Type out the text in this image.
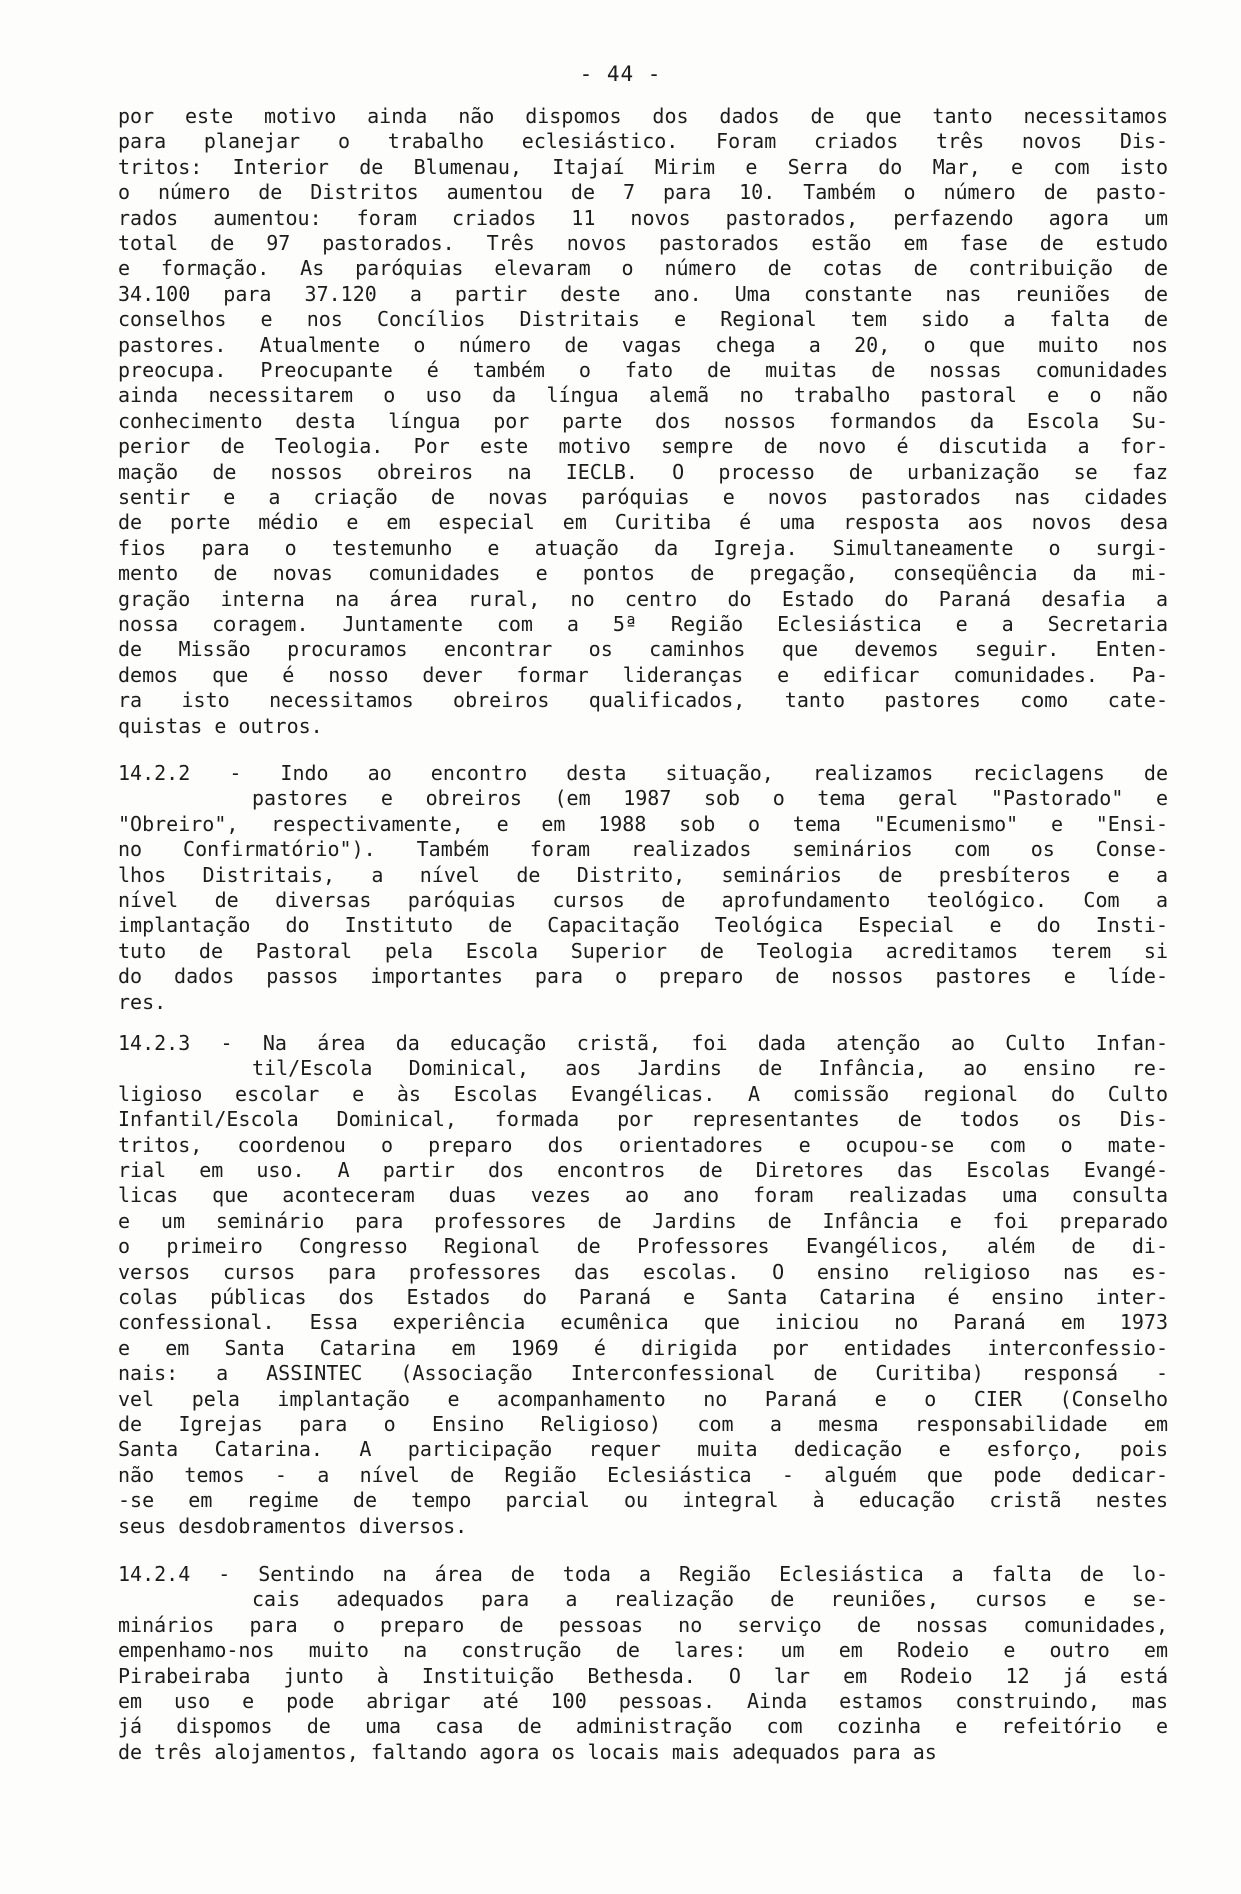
- 44 -
por este motivo ainda não dispomos dos dados de que tanto necessitamos
para planejar o trabalho eclesiástico. Foram criados três novos Dis-
tritos: Interior de Blumenau, Itajaí Mirim e Serra do Mar, e com isto
o número de Distritos aumentou de 7 para 10. Também o número de pasto-
rados aumentou: foram criados 11 novos pastorados, perfazendo agora um
total de 97 pastorados. Três novos pastorados estão em fase de estudo
e formação. As paróquias elevaram o número de cotas de contribuição de
34.100 para 37.120 a partir deste ano. Uma constante nas reuniões de
conselhos e nos Concílios Distritais e Regional tem sido a falta de
pastores. Atualmente o número de vagas chega a 20, o que muito nos
preocupa. Preocupante é também o fato de muitas de nossas comunidades
ainda necessitarem o uso da língua alemã no trabalho pastoral e o não
conhecimento desta língua por parte dos nossos formandos da Escola Su-
perior de Teologia. Por este motivo sempre de novo é discutida a for-
mação de nossos obreiros na IECLB. O processo de urbanização se faz
sentir e a criação de novas paróquias e novos pastorados nas cidades
de porte médio e em especial em Curitiba é uma resposta aos novos desa
fios para o testemunho e atuação da Igreja. Simultaneamente o surgi-
mento de novas comunidades e pontos de pregação, conseqüência da mi-
gração interna na área rural, no centro do Estado do Paraná desafia a
nossa coragem. Juntamente com a 5ª Região Eclesiástica e a Secretaria
de Missão procuramos encontrar os caminhos que devemos seguir. Enten-
demos que é nosso dever formar lideranças e edificar comunidades. Pa-
ra isto necessitamos obreiros qualificados, tanto pastores como cate-
quistas e outros.
14.2.2 - Indo ao encontro desta situação, realizamos reciclagens de
pastores e obreiros (em 1987 sob o tema geral "Pastorado" e
"Obreiro", respectivamente, e em 1988 sob o tema "Ecumenismo" e "Ensi-
no Confirmatório"). Também foram realizados seminários com os Conse-
lhos Distritais, a nível de Distrito, seminários de presbíteros e a
nível de diversas paróquias cursos de aprofundamento teológico. Com a
implantação do Instituto de Capacitação Teológica Especial e do Insti-
tuto de Pastoral pela Escola Superior de Teologia acreditamos terem si
do dados passos importantes para o preparo de nossos pastores e líde-
res.
14.2.3 - Na área da educação cristã, foi dada atenção ao Culto Infan-
til/Escola Dominical, aos Jardins de Infância, ao ensino re-
ligioso escolar e às Escolas Evangélicas. A comissão regional do Culto
Infantil/Escola Dominical, formada por representantes de todos os Dis-
tritos, coordenou o preparo dos orientadores e ocupou-se com o mate-
rial em uso. A partir dos encontros de Diretores das Escolas Evangé-
licas que aconteceram duas vezes ao ano foram realizadas uma consulta
e um seminário para professores de Jardins de Infância e foi preparado
o primeiro Congresso Regional de Professores Evangélicos, além de di-
versos cursos para professores das escolas. O ensino religioso nas es-
colas públicas dos Estados do Paraná e Santa Catarina é ensino inter-
confessional. Essa experiência ecumênica que iniciou no Paraná em 1973
e em Santa Catarina em 1969 é dirigida por entidades interconfessio-
nais: a ASSINTEC (Associação Interconfessional de Curitiba) responsá -
vel pela implantação e acompanhamento no Paraná e o CIER (Conselho
de Igrejas para o Ensino Religioso) com a mesma responsabilidade em
Santa Catarina. A participação requer muita dedicação e esforço, pois
não temos - a nível de Região Eclesiástica - alguém que pode dedicar-
-se em regime de tempo parcial ou integral à educação cristã nestes
seus desdobramentos diversos.
14.2.4 - Sentindo na área de toda a Região Eclesiástica a falta de lo-
cais adequados para a realização de reuniões, cursos e se-
minários para o preparo de pessoas no serviço de nossas comunidades,
empenhamo-nos muito na construção de lares: um em Rodeio e outro em
Pirabeiraba junto à Instituição Bethesda. O lar em Rodeio 12 já está
em uso e pode abrigar até 100 pessoas. Ainda estamos construindo, mas
já dispomos de uma casa de administração com cozinha e refeitório e
de três alojamentos, faltando agora os locais mais adequados para as
